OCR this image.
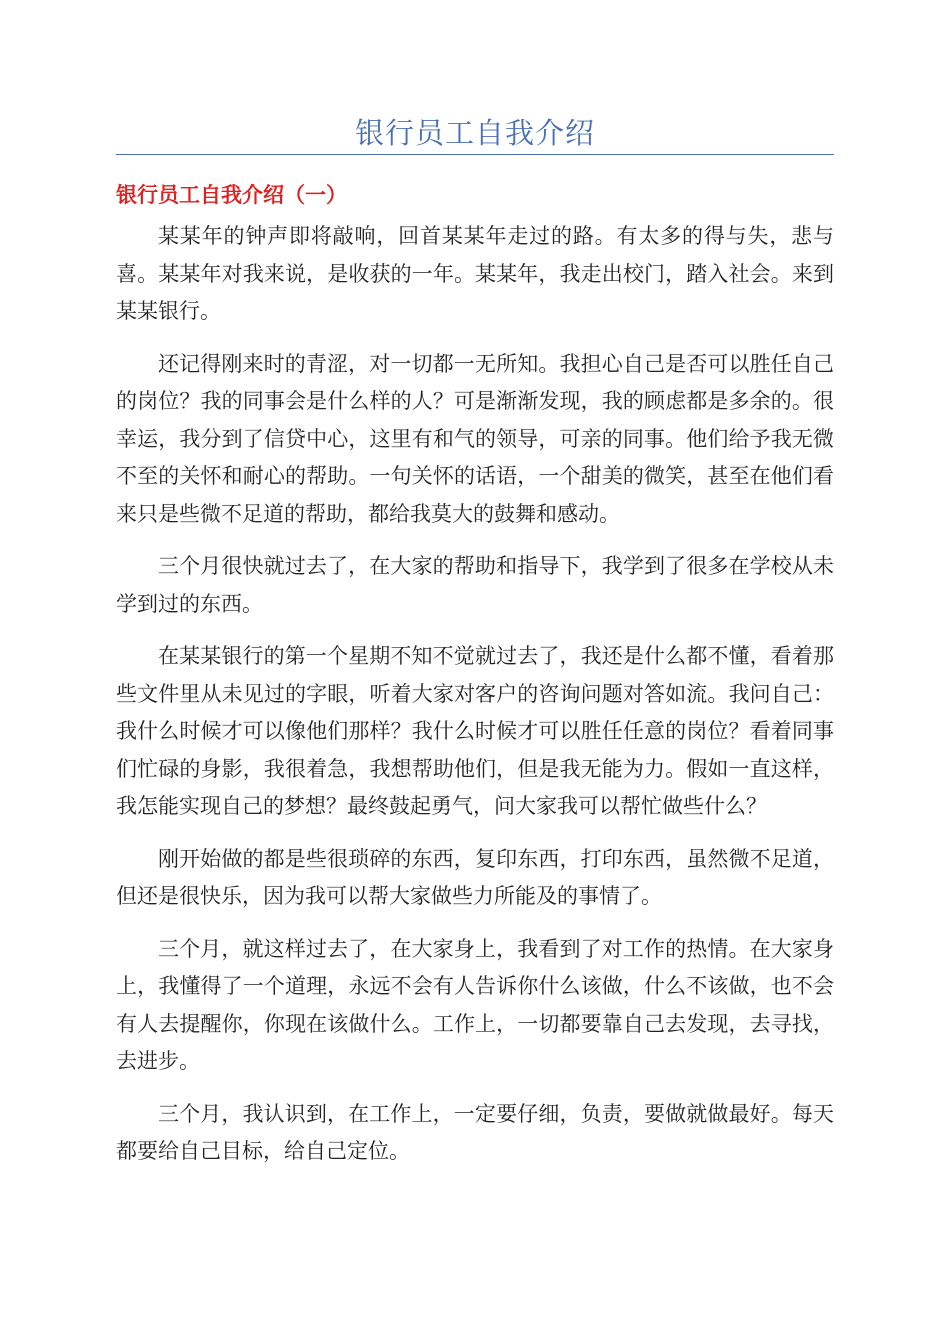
银行员工自我介绍
银行员工自我介绍（一）

某某年的钟声即将敲响，回首某某年走过的路。有太多的得与失，悲与喜。某某年对我来说，是收获的一年。某某年，我走出校门，踏入社会。来到某某银行。

还记得刚来时的青涩，对一切都一无所知。我担心自己是否可以胜任自己的岗位？我的同事会是什么样的人？可是渐渐发现，我的顾虑都是多余的。很幸运，我分到了信贷中心，这里有和气的领导，可亲的同事。他们给予我无微不至的关怀和耐心的帮助。一句关怀的话语，一个甜美的微笑，甚至在他们看来只是些微不足道的帮助，都给我莫大的鼓舞和感动。

三个月很快就过去了，在大家的帮助和指导下，我学到了很多在学校从未学到过的东西。

在某某银行的第一个星期不知不觉就过去了，我还是什么都不懂，看着那些文件里从未见过的字眼，听着大家对客户的咨询问题对答如流。我问自己：我什么时候才可以像他们那样？我什么时候才可以胜任任意的岗位？看着同事们忙碌的身影，我很着急，我想帮助他们，但是我无能为力。假如一直这样，我怎能实现自己的梦想？最终鼓起勇气，问大家我可以帮忙做些什么？

刚开始做的都是些很琐碎的东西，复印东西，打印东西，虽然微不足道，但还是很快乐，因为我可以帮大家做些力所能及的事情了。

三个月，就这样过去了，在大家身上，我看到了对工作的热情。在大家身上，我懂得了一个道理，永远不会有人告诉你什么该做，什么不该做，也不会有人去提醒你，你现在该做什么。工作上，一切都要靠自己去发现，去寻找，去进步。

三个月，我认识到，在工作上，一定要仔细，负责，要做就做最好。每天都要给自己目标，给自己定位。
